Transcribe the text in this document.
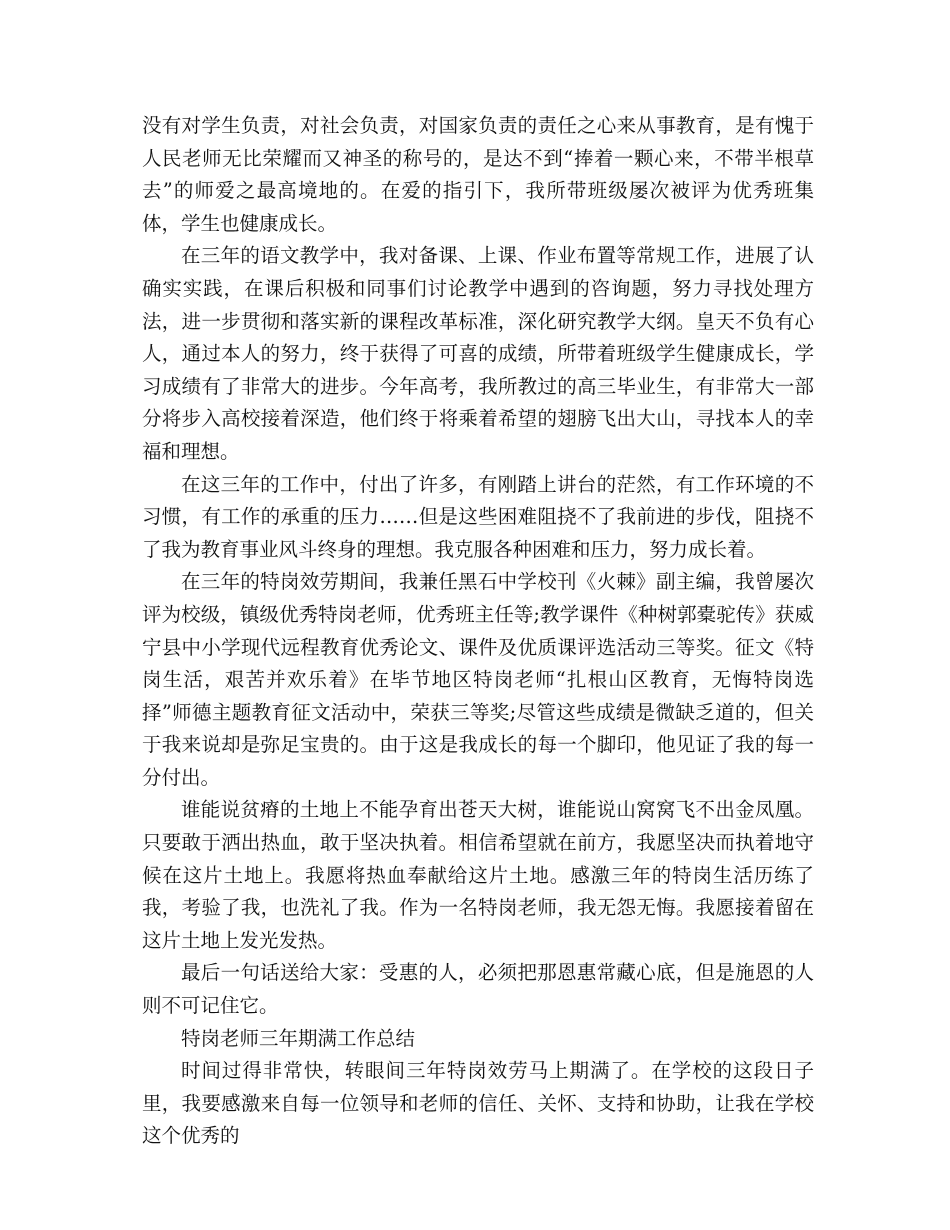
没有对学生负责，对社会负责，对国家负责的责任之心来从事教育，是有愧于人民老师无比荣耀而又神圣的称号的，是达不到“捧着一颗心来，不带半根草去”的师爱之最高境地的。在爱的指引下，我所带班级屡次被评为优秀班集体，学生也健康成长。

在三年的语文教学中，我对备课、上课、作业布置等常规工作，进展了认确实实践，在课后积极和同事们讨论教学中遇到的咨询题，努力寻找处理方法，进一步贯彻和落实新的课程改革标准，深化研究教学大纲。皇天不负有心人，通过本人的努力，终于获得了可喜的成绩，所带着班级学生健康成长，学习成绩有了非常大的进步。今年高考，我所教过的高三毕业生，有非常大一部分将步入高校接着深造，他们终于将乘着希望的翅膀飞出大山，寻找本人的幸福和理想。

在这三年的工作中，付出了许多，有刚踏上讲台的茫然，有工作环境的不习惯，有工作的承重的压力……但是这些困难阻挠不了我前进的步伐，阻挠不了我为教育事业风斗终身的理想。我克服各种困难和压力，努力成长着。

在三年的特岗效劳期间，我兼任黑石中学校刊《火棘》副主编，我曾屡次评为校级，镇级优秀特岗老师，优秀班主任等;教学课件《种树郭橐驼传》获威宁县中小学现代远程教育优秀论文、课件及优质课评选活动三等奖。征文《特岗生活，艰苦并欢乐着》在毕节地区特岗老师“扎根山区教育，无悔特岗选择”师德主题教育征文活动中，荣获三等奖;尽管这些成绩是微缺乏道的，但关于我来说却是弥足宝贵的。由于这是我成长的每一个脚印，他见证了我的每一分付出。

谁能说贫瘠的土地上不能孕育出苍天大树，谁能说山窝窝飞不出金凤凰。只要敢于洒出热血，敢于坚决执着。相信希望就在前方，我愿坚决而执着地守候在这片土地上。我愿将热血奉献给这片土地。感激三年的特岗生活历练了我，考验了我，也洗礼了我。作为一名特岗老师，我无怨无悔。我愿接着留在这片土地上发光发热。

最后一句话送给大家：受惠的人，必须把那恩惠常藏心底，但是施恩的人则不可记住它。

特岗老师三年期满工作总结

时间过得非常快，转眼间三年特岗效劳马上期满了。在学校的这段日子里，我要感激来自每一位领导和老师的信任、关怀、支持和协助，让我在学校这个优秀的
